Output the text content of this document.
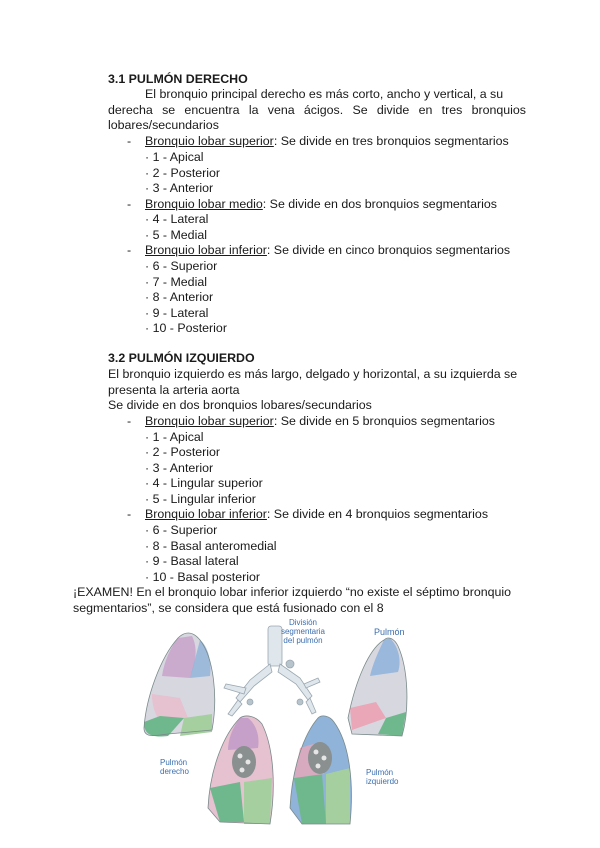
3.1 PULMÓN DERECHO
El bronquio principal derecho es más corto, ancho y vertical, a su
derecha se encuentra la vena ácigos. Se divide en tres bronquios
lobares/secundarios
- Bronquio lobar superior: Se divide en tres bronquios segmentarios
· 1 - Apical
· 2 - Posterior
· 3 - Anterior
- Bronquio lobar medio: Se divide en dos bronquios segmentarios
· 4 - Lateral
· 5 - Medial
- Bronquio lobar inferior: Se divide en cinco bronquios segmentarios
· 6 - Superior
· 7 - Medial
· 8 - Anterior
· 9 - Lateral
· 10 - Posterior
3.2 PULMÓN IZQUIERDO
El bronquio izquierdo es más largo, delgado y horizontal, a su izquierda se
presenta la arteria aorta
Se divide en dos bronquios lobares/secundarios
- Bronquio lobar superior: Se divide en 5 bronquios segmentarios
· 1 - Apical
· 2 - Posterior
· 3 - Anterior
· 4 - Lingular superior
· 5 - Lingular inferior
- Bronquio lobar inferior: Se divide en 4 bronquios segmentarios
· 6 - Superior
· 8 - Basal anteromedial
· 9 - Basal lateral
· 10 - Basal posterior
¡EXAMEN! En el bronquio lobar inferior izquierdo “no existe el séptimo bronquio
segmentarios”, se considera que está fusionado con el 8
División segmentaria
del pulmón
Pulmón
Pulmón
derecho	Pulmón
izquierdo
